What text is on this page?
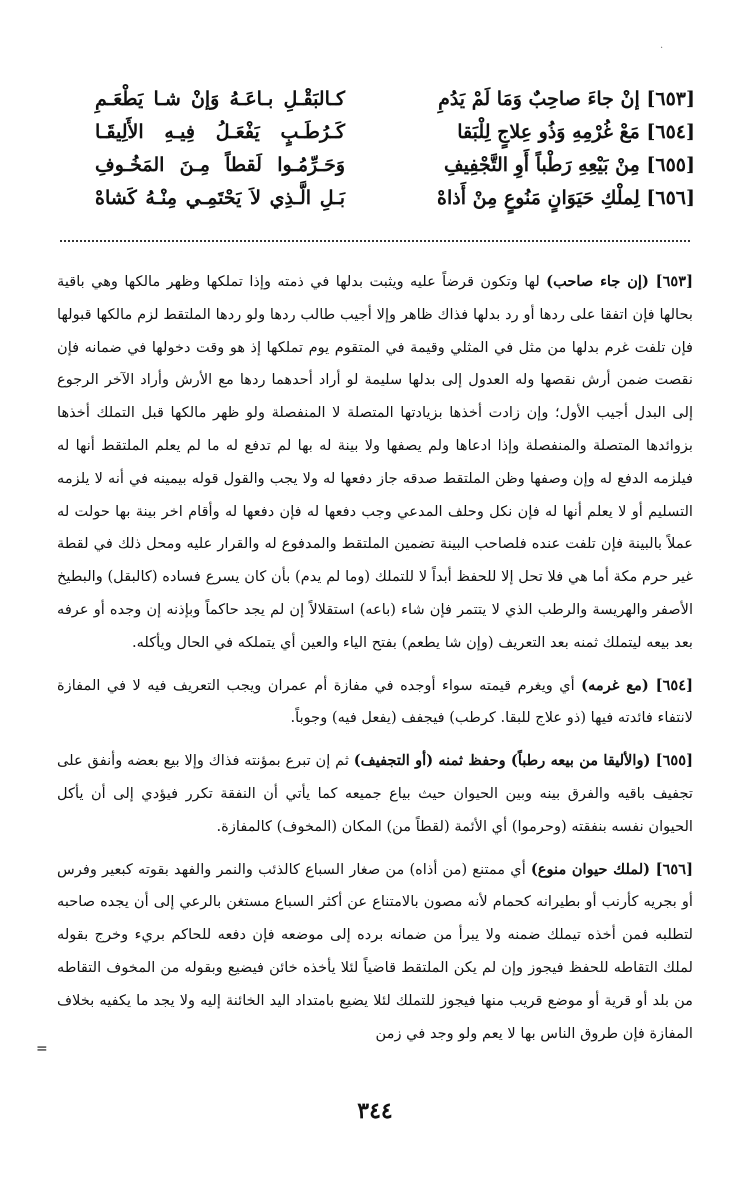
.
[٦٥٣] إنْ جاءَ صاحِبٌ وَمَا لَمْ يَدُمِ
كـالبَقْـلِ بـاعَـهُ وَإنْ شـا يَطْعَـمِ
[٦٥٤] مَعْ غُرْمِهِ وَذُو عِلاجٍ لِلْبَقا
كَـرُطَـبٍ يَفْعَـلُ فِيـهِ الأَلِيقَـا
[٦٥٥] مِنْ بَيْعِهِ رَطْباً أَوِ التَّجْفِيفِ
وَحَـرِّمُـوا لَقطاً مِـنَ المَخُـوفِ
[٦٥٦] لِملْكِ حَيَوَانٍ مَنُوعٍ مِنْ أَذاهْ
بَـلِ الَّـذِي لاَ يَحْتَمِـي مِنْـهُ كَشاهْ

[٦٥٣] (إن جاء صاحب) لها وتكون قرضاً عليه ويثبت بدلها في ذمته وإذا تملكها وظهر مالكها وهي باقية بحالها فإن اتفقا على ردها أو رد بدلها فذاك ظاهر وإلا أجيب طالب ردها ولو ردها الملتقط لزم مالكها قبولها فإن تلفت غرم بدلها من مثل في المثلي وقيمة في المتقوم يوم تملكها إذ هو وقت دخولها في ضمانه فإن نقصت ضمن أرش نقصها وله العدول إلى بدلها سليمة لو أراد أحدهما ردها مع الأرش وأراد الآخر الرجوع إلى البدل أجيب الأول؛ وإن زادت أخذها بزيادتها المتصلة لا المنفصلة ولو ظهر مالكها قبل التملك أخذها بزوائدها المتصلة والمنفصلة وإذا ادعاها ولم يصفها ولا بينة له بها لم تدفع له ما لم يعلم الملتقط أنها له فيلزمه الدفع له وإن وصفها وظن الملتقط صدقه جاز دفعها له ولا يجب والقول قوله بيمينه في أنه لا يلزمه التسليم أو لا يعلم أنها له فإن نكل وحلف المدعي وجب دفعها له فإن دفعها له وأقام اخر بينة بها حولت له عملاً بالبينة فإن تلفت عنده فلصاحب البينة تضمين الملتقط والمدفوع له والقرار عليه ومحل ذلك في لقطة غير حرم مكة أما هي فلا تحل إلا للحفظ أبداً لا للتملك (وما لم يدم) بأن كان يسرع فساده (كالبقل) والبطيخ الأصفر والهريسة والرطب الذي لا يتتمر فإن شاء (باعه) استقلالاً إن لم يجد حاكماً وبإذنه إن وجده أو عرفه بعد بيعه ليتملك ثمنه بعد التعريف (وإن شا يطعم) بفتح الياء والعين أي يتملكه في الحال ويأكله.

[٦٥٤] (مع غرمه) أي ويغرم قيمته سواء أوجده في مفازة أم عمران ويجب التعريف فيه لا في المفازة لانتفاء فائدته فيها (ذو علاج للبقا. كرطب) فيجفف (يفعل فيه) وجوباً.

[٦٥٥] (والأليقا من بيعه رطباً) وحفظ ثمنه (أو التجفيف) ثم إن تبرع بمؤنته فذاك وإلا بيع بعضه وأنفق على تجفيف باقيه والفرق بينه وبين الحيوان حيث بياع جميعه كما يأتي أن النفقة تكرر فيؤدي إلى أن يأكل الحيوان نفسه بنفقته (وحرموا) أي الأئمة (لقطاً من) المكان (المخوف) كالمفازة.

[٦٥٦] (لملك حيوان منوع) أي ممتنع (من أذاه) من صغار السباع كالذئب والنمر والفهد بقوته كبعير وفرس أو بجريه كأرنب أو بطيرانه كحمام لأنه مصون بالامتناع عن أكثر السباع مستغن بالرعي إلى أن يجده صاحبه لتطلبه فمن أخذه تيملك ضمنه ولا يبرأ من ضمانه برده إلى موضعه فإن دفعه للحاكم بريء وخرج بقوله لملك التقاطه للحفظ فيجوز وإن لم يكن الملتقط قاضياً لئلا يأخذه خائن فيضيع وبقوله من المخوف التقاطه من بلد أو قرية أو موضع قريب منها فيجوز للتملك لئلا يضيع بامتداد اليد الخائنة إليه ولا يجد ما يكفيه بخلاف المفازة فإن طروق الناس بها لا يعم ولو وجد في زمن

=
٣٤٤
